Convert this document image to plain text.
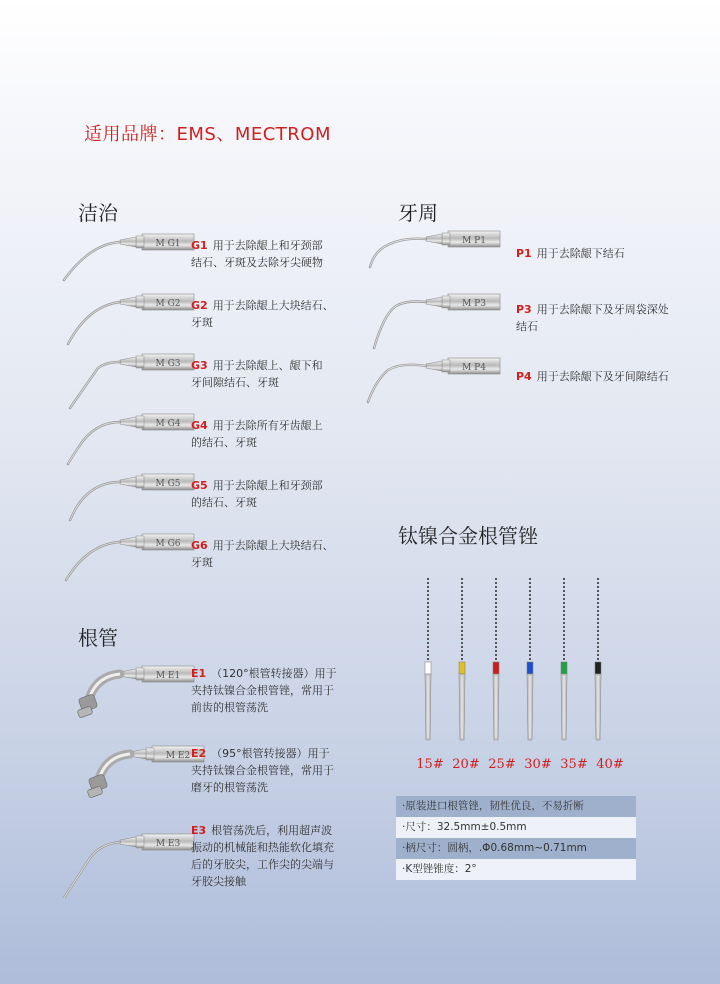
适用品牌：EMS、MECTROM
洁治	牙周
根管
钛镍合金根管锉
M G1 G1 用于去除龈上和牙颈部
结石、牙斑及去除牙尖硬物
M G2 G2 用于去除龈上大块结石、
牙斑
M G3 G3 用于去除龈上、龈下和
牙间隙结石、牙斑
M G4 G4 用于去除所有牙齿龈上
的结石、牙斑
M G5 G5 用于去除龈上和牙颈部
的结石、牙斑
M G6 G6 用于去除龈上大块结石、
牙斑
M P1
P1 用于去除龈下结石
M P3	P3 用于去除龈下及牙周袋深处
结石
M P4
P4 用于去除龈下及牙间隙结石
M E1 E1 （120°根管转接器）用于
夹持钛镍合金根管锉，常用于
前齿的根管荡洗
M E2 E2 （95°根管转接器）用于
夹持钛镍合金根管锉，常用于
磨牙的根管荡洗
M E3
E3 根管荡洗后，利用超声波
振动的机械能和热能软化填充
后的牙胶尖，工作尖的尖端与
牙胶尖接触
15# 20# 25# 30# 35# 40#
·原装进口根管锉，韧性优良，不易折断
·尺寸：32.5mm±0.5mm
·柄尺寸：圆柄，.Φ0.68mm~0.71mm
·K型锉锥度：2°
